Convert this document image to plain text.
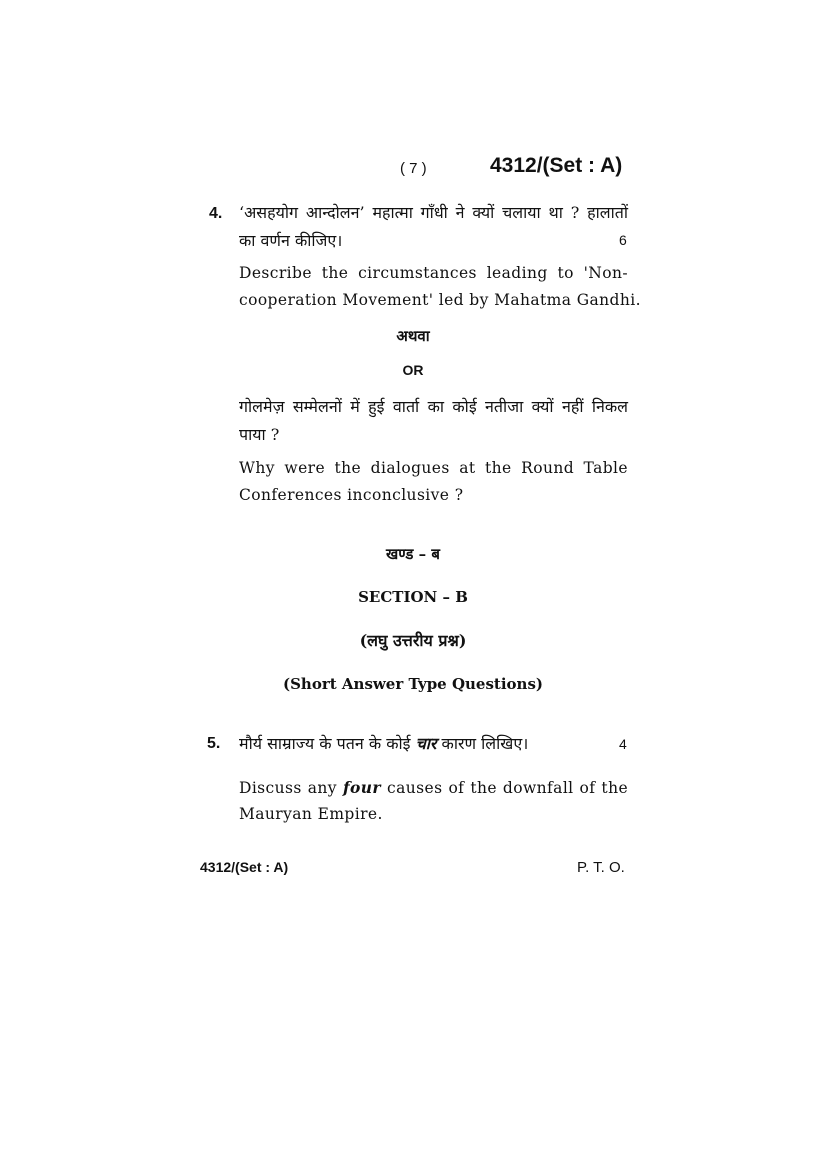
( 7 )	4312/(Set : A)
4. ‘असहयोग आन्दोलन’ महात्मा गाँधी ने क्यों चलाया था ? हालातों
का वर्णन कीजिए।	6
Describe the circumstances leading to 'Non-
cooperation Movement' led by Mahatma Gandhi.
अथवा
OR
गोलमेज़ सम्मेलनों में हुई वार्ता का कोई नतीजा क्यों नहीं निकल
पाया ?
Why were the dialogues at the Round Table
Conferences inconclusive ?
खण्ड – ब
SECTION – B
(लघु उत्तरीय प्रश्न)
(Short Answer Type Questions)
5. मौर्य साम्राज्य के पतन के कोई चार कारण लिखिए।	4
Discuss any four causes of the downfall of the
Mauryan Empire.
4312/(Set : A)	P. T. O.
